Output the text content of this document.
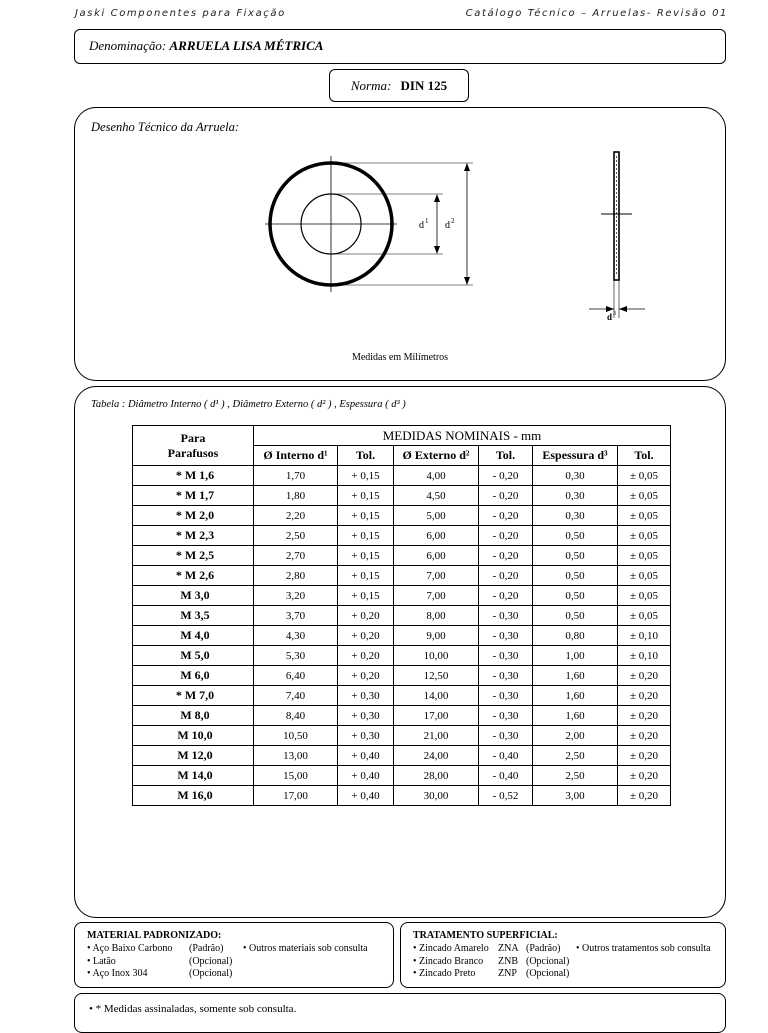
Jaski Componentes para Fixação	Catálogo Técnico – Arruelas- Revisão 01
Denominação: ARRUELA LISA MÉTRICA
Norma: DIN 125
Desenho Técnico da Arruela:
d 1 d 2
d 3
Medidas em Milímetros
Tabela : Diâmetro Interno ( d¹ ) , Diâmetro Externo ( d² ) , Espessura ( d³ )
Para
Parafusos	MEDIDAS NOMINAIS - mm					
	Ø Interno d¹	Tol.	Ø Externo d²	Tol.	Espessura d³	Tol.
* M 1,6	1,70	+ 0,15	4,00	- 0,20	0,30	± 0,05
* M 1,7	1,80	+ 0,15	4,50	- 0,20	0,30	± 0,05
* M 2,0	2,20	+ 0,15	5,00	- 0,20	0,30	± 0,05
* M 2,3	2,50	+ 0,15	6,00	- 0,20	0,50	± 0,05
* M 2,5	2,70	+ 0,15	6,00	- 0,20	0,50	± 0,05
* M 2,6	2,80	+ 0,15	7,00	- 0,20	0,50	± 0,05
M 3,0	3,20	+ 0,15	7,00	- 0,20	0,50	± 0,05
M 3,5	3,70	+ 0,20	8,00	- 0,30	0,50	± 0,05
M 4,0	4,30	+ 0,20	9,00	- 0,30	0,80	± 0,10
M 5,0	5,30	+ 0,20	10,00	- 0,30	1,00	± 0,10
M 6,0	6,40	+ 0,20	12,50	- 0,30	1,60	± 0,20
* M 7,0	7,40	+ 0,30	14,00	- 0,30	1,60	± 0,20
M 8,0	8,40	+ 0,30	17,00	- 0,30	1,60	± 0,20
M 10,0	10,50	+ 0,30	21,00	- 0,30	2,00	± 0,20
M 12,0	13,00	+ 0,40	24,00	- 0,40	2,50	± 0,20
M 14,0	15,00	+ 0,40	28,00	- 0,40	2,50	± 0,20
M 16,0	17,00	+ 0,40	30,00	- 0,52	3,00	± 0,20
MATERIAL PADRONIZADO:
• Aço Baixo Carbono (Padrão)
• Latão	(Opcional)
• Aço Inox 304	(Opcional)
• Outros materiais sob consulta
TRATAMENTO SUPERFICIAL:
• Zincado Amarelo ZNA (Padrão)
• Zincado Branco ZNB (Opcional)
• Zincado Preto ZNP (Opcional)
• Outros tratamentos sob consulta
• * Medidas assinaladas, somente sob consulta.
